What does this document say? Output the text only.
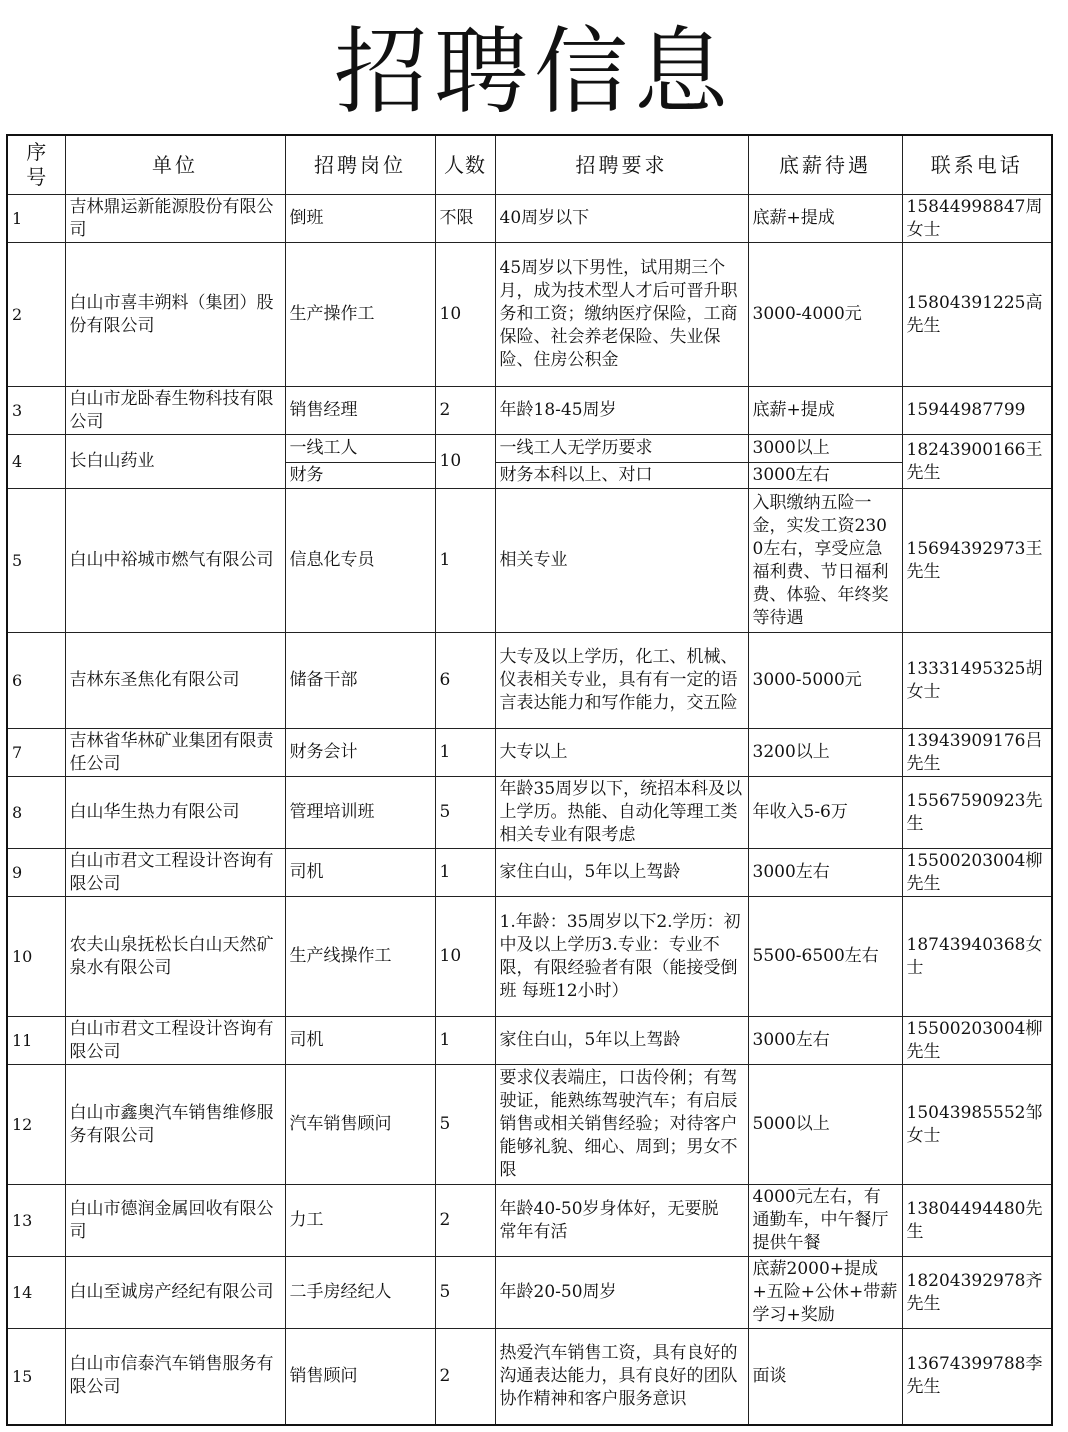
招聘信息
序号	单位	招聘岗位	人数	招聘要求	底薪待遇	联系电话
1	吉林鼎运新能源股份有限公司	倒班	不限	40周岁以下	底薪+提成	15844998847周女士
2	白山市喜丰朔料（集团）股份有限公司	生产操作工	10	45周岁以下男性，试用期三个月，成为技术型人才后可晋升职务和工资；缴纳医疗保险，工商保险、社会养老保险、失业保险、住房公积金	3000-4000元	15804391225高先生
3	白山市龙卧春生物科技有限公司	销售经理	2	年龄18-45周岁	底薪+提成	15944987799
4	长白山药业	一线工人	10	一线工人无学历要求	3000以上	18243900166王先生
		财务		财务本科以上、对口	3000左右	
5	白山中裕城市燃气有限公司	信息化专员	1	相关专业	入职缴纳五险一金，实发工资2300左右，享受应急福利费、节日福利费、体验、年终奖等待遇	15694392973王先生
6	吉林东圣焦化有限公司	储备干部	6	大专及以上学历，化工、机械、仪表相关专业，具有有一定的语言表达能力和写作能力，交五险	3000-5000元	13331495325胡女士
7	吉林省华林矿业集团有限责任公司	财务会计	1	大专以上	3200以上	13943909176吕先生
8	白山华生热力有限公司	管理培训班	5	年龄35周岁以下，统招本科及以上学历。热能、自动化等理工类相关专业有限考虑	年收入5-6万	15567590923先生
9	白山市君文工程设计咨询有限公司	司机	1	家住白山，5年以上驾龄	3000左右	15500203004柳先生
10	农夫山泉抚松长白山天然矿泉水有限公司	生产线操作工	10	1.年龄：35周岁以下2.学历：初中及以上学历3.专业：专业不限，有限经验者有限（能接受倒班 每班12小时）	5500-6500左右	18743940368女士
11	白山市君文工程设计咨询有限公司	司机	1	家住白山，5年以上驾龄	3000左右	15500203004柳先生
12	白山市鑫奥汽车销售维修服务有限公司	汽车销售顾问	5	要求仪表端庄，口齿伶俐；有驾驶证，能熟练驾驶汽车；有启辰销售或相关销售经验；对待客户能够礼貌、细心、周到；男女不限	5000以上	15043985552邹女士
13	白山市德润金属回收有限公司	力工	2	年龄40-50岁身体好，无要脱　　常年有活	4000元左右，有通勤车，中午餐厅提供午餐	13804494480先生
14	白山至诚房产经纪有限公司	二手房经纪人	5	年龄20-50周岁	底薪2000+提成+五险+公休+带薪学习+奖励	18204392978齐先生
15	白山市信泰汽车销售服务有限公司	销售顾问	2	热爱汽车销售工资，具有良好的沟通表达能力，具有良好的团队协作精神和客户服务意识	面谈	13674399788李先生
